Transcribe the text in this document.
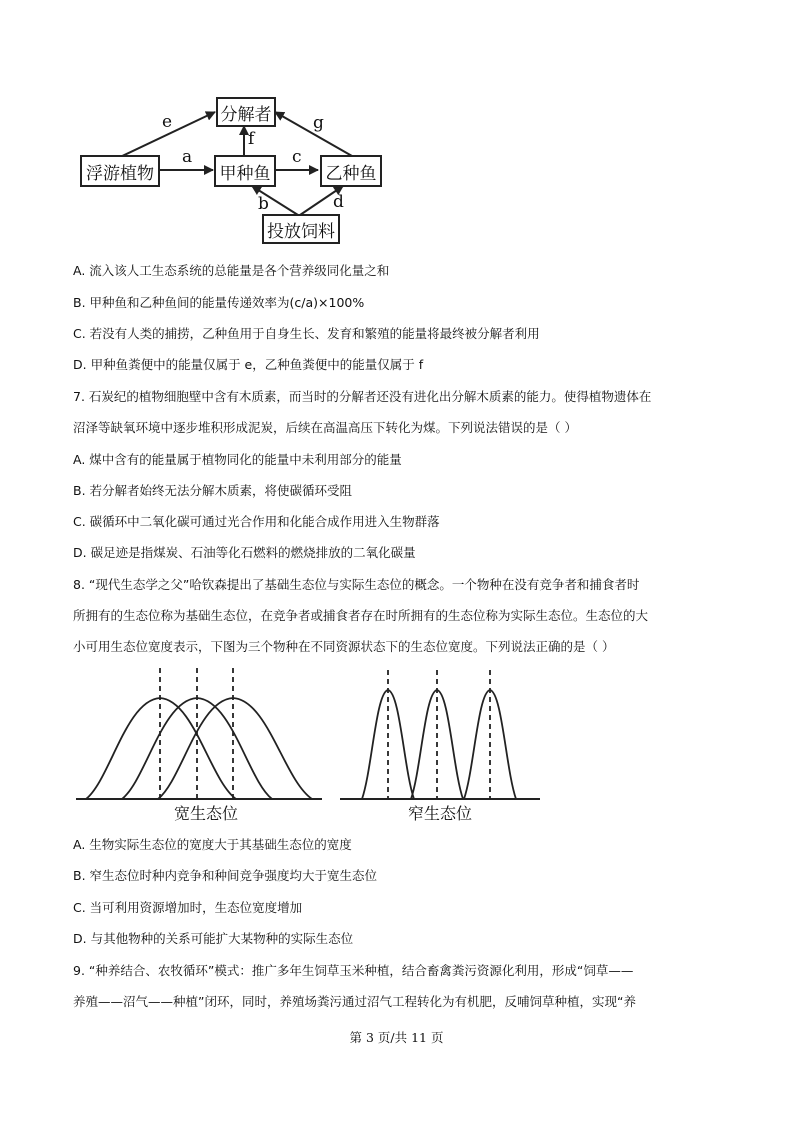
分解者
浮游植物	甲种鱼	乙种鱼
投放饲料
e
a
f
c
g
b	d
A. 流入该人工生态系统的总能量是各个营养级同化量之和
B. 甲种鱼和乙种鱼间的能量传递效率为(c/a)×100%
C. 若没有人类的捕捞，乙种鱼用于自身生长、发育和繁殖的能量将最终被分解者利用
D. 甲种鱼粪便中的能量仅属于 e，乙种鱼粪便中的能量仅属于 f
7. 石炭纪的植物细胞壁中含有木质素，而当时的分解者还没有进化出分解木质素的能力。使得植物遗体在
沼泽等缺氧环境中逐步堆积形成泥炭，后续在高温高压下转化为煤。下列说法错误的是（ ）
A. 煤中含有的能量属于植物同化的能量中未利用部分的能量
B. 若分解者始终无法分解木质素，将使碳循环受阻
C. 碳循环中二氧化碳可通过光合作用和化能合成作用进入生物群落
D. 碳足迹是指煤炭、石油等化石燃料的燃烧排放的二氧化碳量
8. “现代生态学之父”哈钦森提出了基础生态位与实际生态位的概念。一个物种在没有竞争者和捕食者时
所拥有的生态位称为基础生态位，在竞争者或捕食者存在时所拥有的生态位称为实际生态位。生态位的大
小可用生态位宽度表示，下图为三个物种在不同资源状态下的生态位宽度。下列说法正确的是（ ）
宽生态位	窄生态位
A. 生物实际生态位的宽度大于其基础生态位的宽度
B. 窄生态位时种内竞争和种间竞争强度均大于宽生态位
C. 当可利用资源增加时，生态位宽度增加
D. 与其他物种的关系可能扩大某物种的实际生态位
9. “种养结合、农牧循环”模式：推广多年生饲草玉米种植，结合畜禽粪污资源化利用，形成“饲草——
养殖——沼气——种植”闭环，同时，养殖场粪污通过沼气工程转化为有机肥，反哺饲草种植，实现“养
第 3 页/共 11 页
